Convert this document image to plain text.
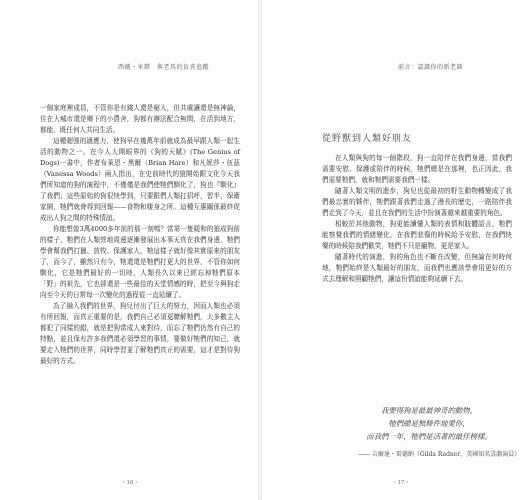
西薇・米鐸　與老馬的負責追蹤

一個家庭裡成員，不管你是有錢人還是窮人，但共處讓還是無神論，住在大城市還是鄉下的小農舍，狗都有辦法配合無間，在活到地方，都能，既任何人共同生活。

這種超強的適應力，使狗早在幾萬年前就成為最早跟人類一起生活的動物之一。在今人大開眼界的《狗的天賦》(The Genius of Dogs)一書中，作者布萊恩・黑爾（Brian Hare）和凡妮莎・伍茲（Vanessa Woods）兩人指出，在史前時代的狼開始跟文化今天我們所知道的狗的演程中，不僅僅是我們使牠們馴化了，狗也『馴化』了我們；這些原始的狗很快學到，只要跟們人類打招呼，習半，保衛家園，牠們就會得到回報——食物和棲身之所。這種互惠關係最終促成出人狗之間的特殊情誼。

你能想像3萬4000多年前的那一刻嗎？當第一隻暖和的狼成狗前的樣子，牠們在人類營地周邊逐漸發展出本事天真在我們身邊，牠們學會幫我們打獵、放牧、保護家人，牠這樣子就好像其實原來的朋友了，而今了，雖然只有今，牠還還是牠們打更大的世界，不管你如何馴化，它是牠們最好的一切時，人類長久以來已經忘掉牠們原本「野」的祖先，它也卻還是一些最佳的天堂情感的時，把至今與狗走向至今天的日常每一次變化的過程從一直延續了。

為了融入我們的世界，狗兒付出了巨大的努力，因而人類也必須有所回報，而真正重要的是，我們自己必須更瞭解牠們，大多數主人都犯了同樣的錯，就是把狗當成人來對待，而忘了牠們仍然有自己的特點，並且保有許多我們還必須學習的事情，要做好牠們的知己，就要走入牠們的世界，同時學習並了解牠們真正的需要，這才是對待狗最好的方式。

・16・
前言：認識你的新老師
從野獸到人類好朋友

在人類與狗的每一個階段，狗一直陪伴在我們身邊，當我們需要安慰、保護或陪伴的時候，牠們總是在那裡，也正因此，我們需要牠們，就和牠們需要我們一樣。

隨著人類文明的進步，狗兒也從最初的野生動物轉變成了我們最忠實的夥伴，牠們跟著我們走過了漫長的歷史，一路陪伴我們走到了今天，並且在我們的生活中扮演著越來越重要的角色。

相較於其他動物，狗更能讀懂人類的表情和肢體語言，牠們能察覺我們的情緒變化，在我們悲傷的時候給予安慰，在我們快樂的時候陪我們歡笑，牠們不只是寵物，更是家人。

隨著時代的演進，狗的角色也不斷在改變，但無論在何時何地，牠們始終是人類最好的朋友，而我們也應該學會用更好的方式去理解和照顧牠們，讓這份情誼能夠延續下去。

我要得狗是最最神奇的動物，
牠們總是無條件地愛你，
而我們一年，牠們是活著的最佳榜樣。
—— 吉爾達・雷德納（Gilda Radner，美國知名喜劇演員）
・17・
